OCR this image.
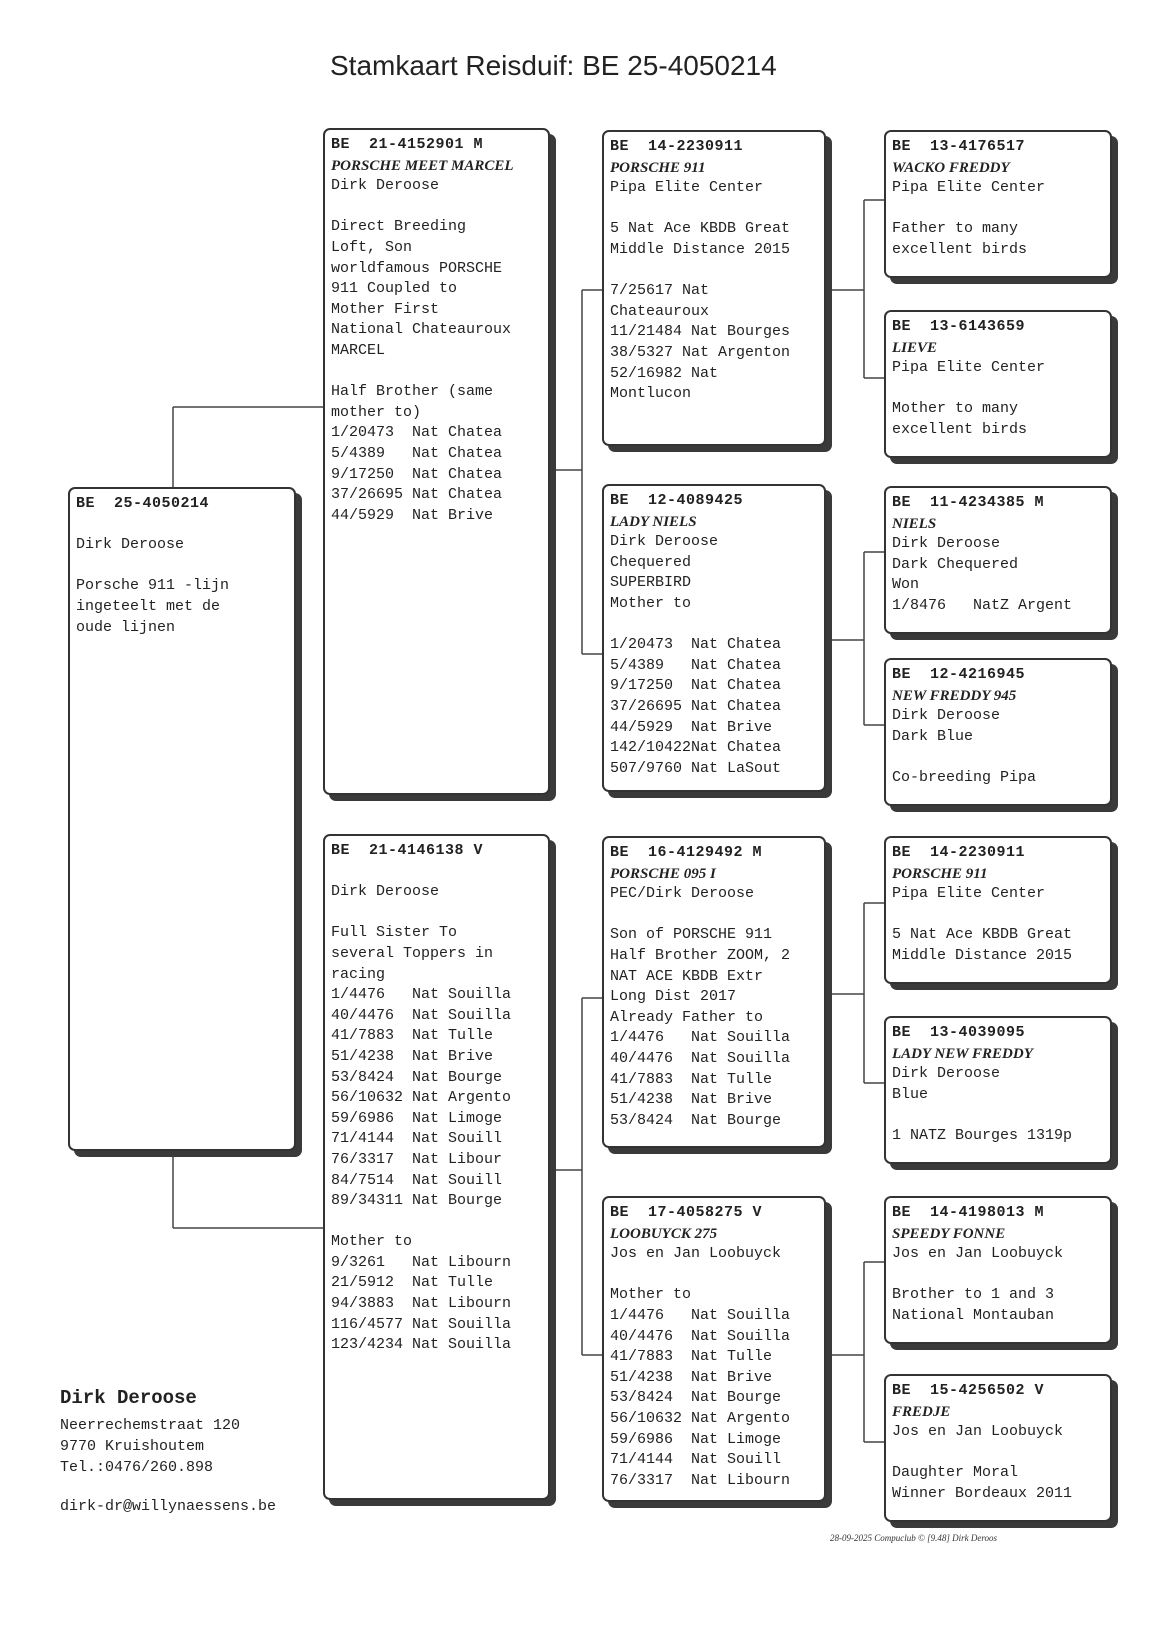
Stamkaart Reisduif: BE 25-4050214
BE  25-4050214
Dirk Deroose
Porsche 911 -lijn
ingeteelt met de
oude lijnen
BE  21-4152901 M
PORSCHE MEET MARCEL
Dirk Deroose
Direct Breeding
Loft, Son
worldfamous PORSCHE
911 Coupled to
Mother First
National Chateauroux
MARCEL
Half Brother (same
mother to)
1/20473  Nat Chatea
5/4389   Nat Chatea
9/17250  Nat Chatea
37/26695 Nat Chatea
44/5929  Nat Brive
BE  21-4146138 V
Dirk Deroose
Full Sister To
several Toppers in
racing
1/4476   Nat Souilla
40/4476  Nat Souilla
41/7883  Nat Tulle
51/4238  Nat Brive
53/8424  Nat Bourge
56/10632 Nat Argento
59/6986  Nat Limoge
71/4144  Nat Souill
76/3317  Nat Libour
84/7514  Nat Souill
89/34311 Nat Bourge
Mother to
9/3261   Nat Libourn
21/5912  Nat Tulle
94/3883  Nat Libourn
116/4577 Nat Souilla
123/4234 Nat Souilla
BE  14-2230911
PORSCHE 911
Pipa Elite Center
5 Nat Ace KBDB Great
Middle Distance 2015
7/25617 Nat
Chateauroux
11/21484 Nat Bourges
38/5327 Nat Argenton
52/16982 Nat
Montlucon
BE  12-4089425
LADY NIELS
Dirk Deroose
Chequered
SUPERBIRD
Mother to
1/20473  Nat Chatea
5/4389   Nat Chatea
9/17250  Nat Chatea
37/26695 Nat Chatea
44/5929  Nat Brive
142/10422Nat Chatea
507/9760 Nat LaSout
BE  16-4129492 M
PORSCHE 095 I
PEC/Dirk Deroose
Son of PORSCHE 911
Half Brother ZOOM, 2
NAT ACE KBDB Extr
Long Dist 2017
Already Father to
1/4476   Nat Souilla
40/4476  Nat Souilla
41/7883  Nat Tulle
51/4238  Nat Brive
53/8424  Nat Bourge
BE  17-4058275 V
LOOBUYCK 275
Jos en Jan Loobuyck
Mother to
1/4476   Nat Souilla
40/4476  Nat Souilla
41/7883  Nat Tulle
51/4238  Nat Brive
53/8424  Nat Bourge
56/10632 Nat Argento
59/6986  Nat Limoge
71/4144  Nat Souill
76/3317  Nat Libourn
BE  13-4176517
WACKO FREDDY
Pipa Elite Center
Father to many
excellent birds
BE  13-6143659
LIEVE
Pipa Elite Center
Mother to many
excellent birds
BE  11-4234385 M
NIELS
Dirk Deroose
Dark Chequered
Won
1/8476   NatZ Argent
BE  12-4216945
NEW FREDDY 945
Dirk Deroose
Dark Blue
Co-breeding Pipa
BE  14-2230911
PORSCHE 911
Pipa Elite Center
5 Nat Ace KBDB Great
Middle Distance 2015
BE  13-4039095
LADY NEW FREDDY
Dirk Deroose
Blue
1 NATZ Bourges 1319p
BE  14-4198013 M
SPEEDY FONNE
Jos en Jan Loobuyck
Brother to 1 and 3
National Montauban
BE  15-4256502 V
FREDJE
Jos en Jan Loobuyck
Daughter Moral
Winner Bordeaux 2011
Dirk Deroose
Neerrechemstraat 120
9770 Kruishoutem
Tel.:0476/260.898
dirk-dr@willynaessens.be
28-09-2025 Compuclub © [9.48] Dirk Deroos
